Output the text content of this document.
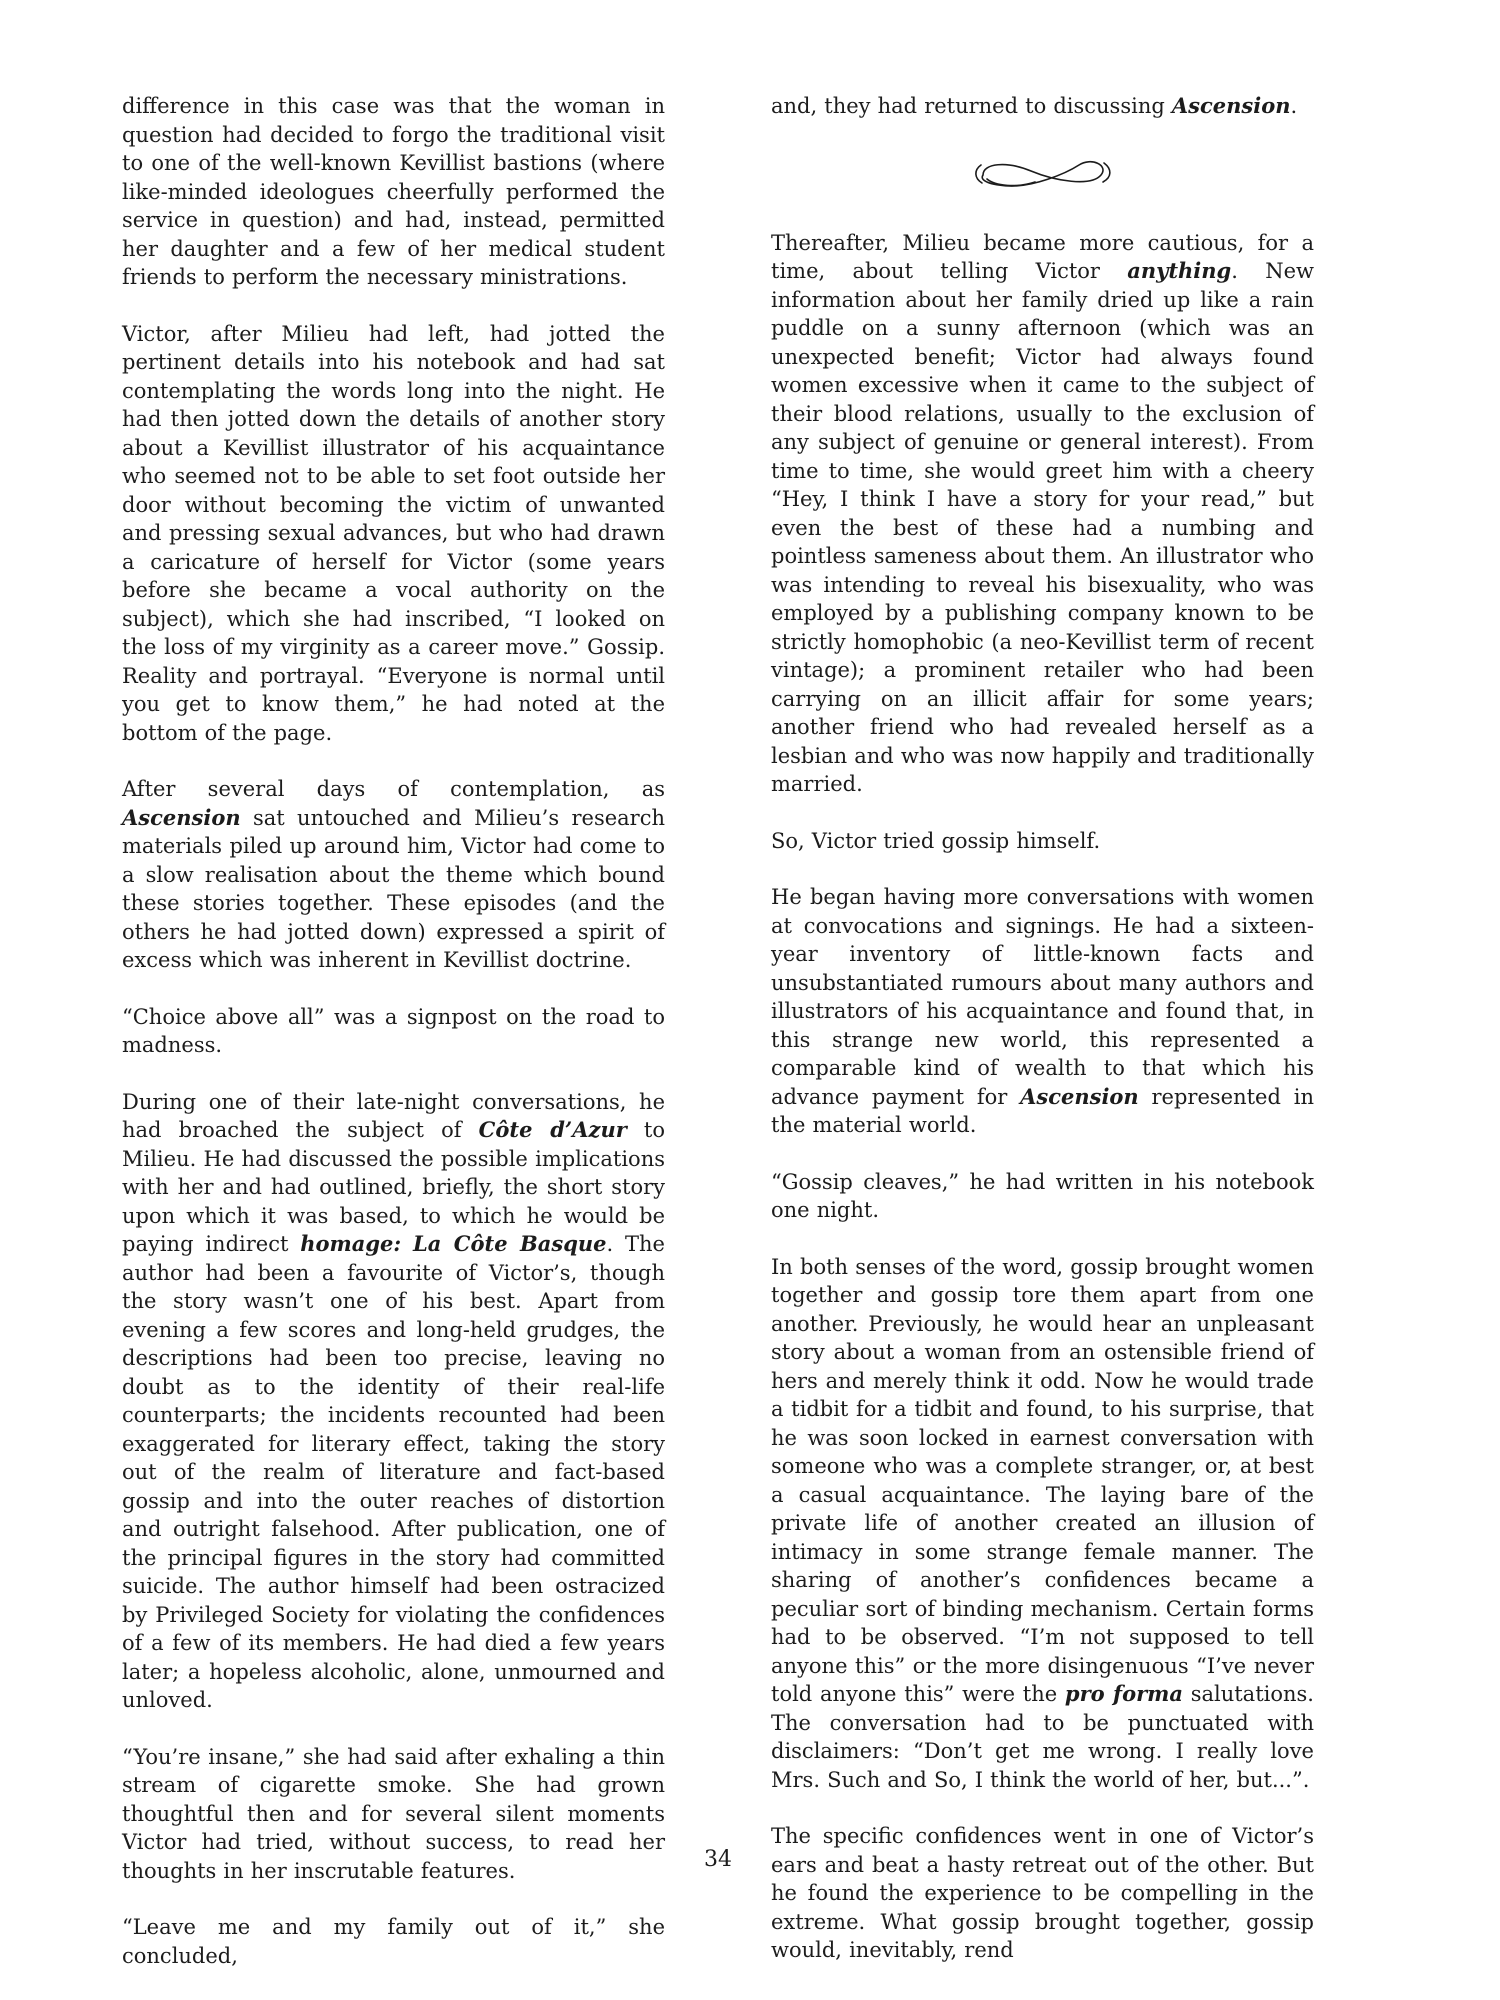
difference in this case was that the woman in question had decided to forgo the traditional visit to one of the well-known Kevillist bastions (where like-minded ideologues cheerfully performed the service in question) and had, instead, permitted her daughter and a few of her medical student friends to perform the necessary ministrations.

Victor, after Milieu had left, had jotted the pertinent details into his notebook and had sat contemplating the words long into the night. He had then jotted down the details of another story about a Kevillist illustrator of his acquaintance who seemed not to be able to set foot outside her door without becoming the victim of unwanted and pressing sexual advances, but who had drawn a caricature of herself for Victor (some years before she became a vocal authority on the subject), which she had inscribed, “I looked on the loss of my virginity as a career move.” Gossip. Reality and portrayal. “Everyone is normal until you get to know them,” he had noted at the bottom of the page.

After several days of contemplation, as Ascension sat untouched and Milieu’s research materials piled up around him, Victor had come to a slow realisation about the theme which bound these stories together. These episodes (and the others he had jotted down) expressed a spirit of excess which was inherent in Kevillist doctrine.

“Choice above all” was a signpost on the road to madness.

During one of their late-night conversations, he had broached the subject of Côte d’Azur to Milieu. He had discussed the possible implications with her and had outlined, briefly, the short story upon which it was based, to which he would be paying indirect homage: La Côte Basque. The author had been a favourite of Victor’s, though the story wasn’t one of his best. Apart from evening a few scores and long-held grudges, the descriptions had been too precise, leaving no doubt as to the identity of their real-life counterparts; the incidents recounted had been exaggerated for literary effect, taking the story out of the realm of literature and fact-based gossip and into the outer reaches of distortion and outright falsehood. After publication, one of the principal figures in the story had committed suicide. The author himself had been ostracized by Privileged Society for violating the confidences of a few of its members. He had died a few years later; a hopeless alcoholic, alone, unmourned and unloved.

“You’re insane,” she had said after exhaling a thin stream of cigarette smoke. She had grown thoughtful then and for several silent moments Victor had tried, without success, to read her thoughts in her inscrutable features.

“Leave me and my family out of it,” she concluded,

and, they had returned to discussing Ascension.

Thereafter, Milieu became more cautious, for a time, about telling Victor anything. New information about her family dried up like a rain puddle on a sunny afternoon (which was an unexpected benefit; Victor had always found women excessive when it came to the subject of their blood relations, usually to the exclusion of any subject of genuine or general interest). From time to time, she would greet him with a cheery “Hey, I think I have a story for your read,” but even the best of these had a numbing and pointless sameness about them. An illustrator who was intending to reveal his bisexuality, who was employed by a publishing company known to be strictly homophobic (a neo-Kevillist term of recent vintage); a prominent retailer who had been carrying on an illicit affair for some years; another friend who had revealed herself as a lesbian and who was now happily and traditionally married.

So, Victor tried gossip himself.

He began having more conversations with women at convocations and signings. He had a sixteen-year inventory of little-known facts and unsubstantiated rumours about many authors and illustrators of his acquaintance and found that, in this strange new world, this represented a comparable kind of wealth to that which his advance payment for Ascension represented in the material world.

“Gossip cleaves,” he had written in his notebook one night.

In both senses of the word, gossip brought women together and gossip tore them apart from one another. Previously, he would hear an unpleasant story about a woman from an ostensible friend of hers and merely think it odd. Now he would trade a tidbit for a tidbit and found, to his surprise, that he was soon locked in earnest conversation with someone who was a complete stranger, or, at best a casual acquaintance. The laying bare of the private life of another created an illusion of intimacy in some strange female manner. The sharing of another’s confidences became a peculiar sort of binding mechanism. Certain forms had to be observed. “I’m not supposed to tell anyone this” or the more disingenuous “I’ve never told anyone this” were the pro forma salutations. The conversation had to be punctuated with disclaimers: “Don’t get me wrong. I really love Mrs. Such and So, I think the world of her, but...”.

The specific confidences went in one of Victor’s ears and beat a hasty retreat out of the other. But he found the experience to be compelling in the extreme. What gossip brought together, gossip would, inevitably, rend

34
